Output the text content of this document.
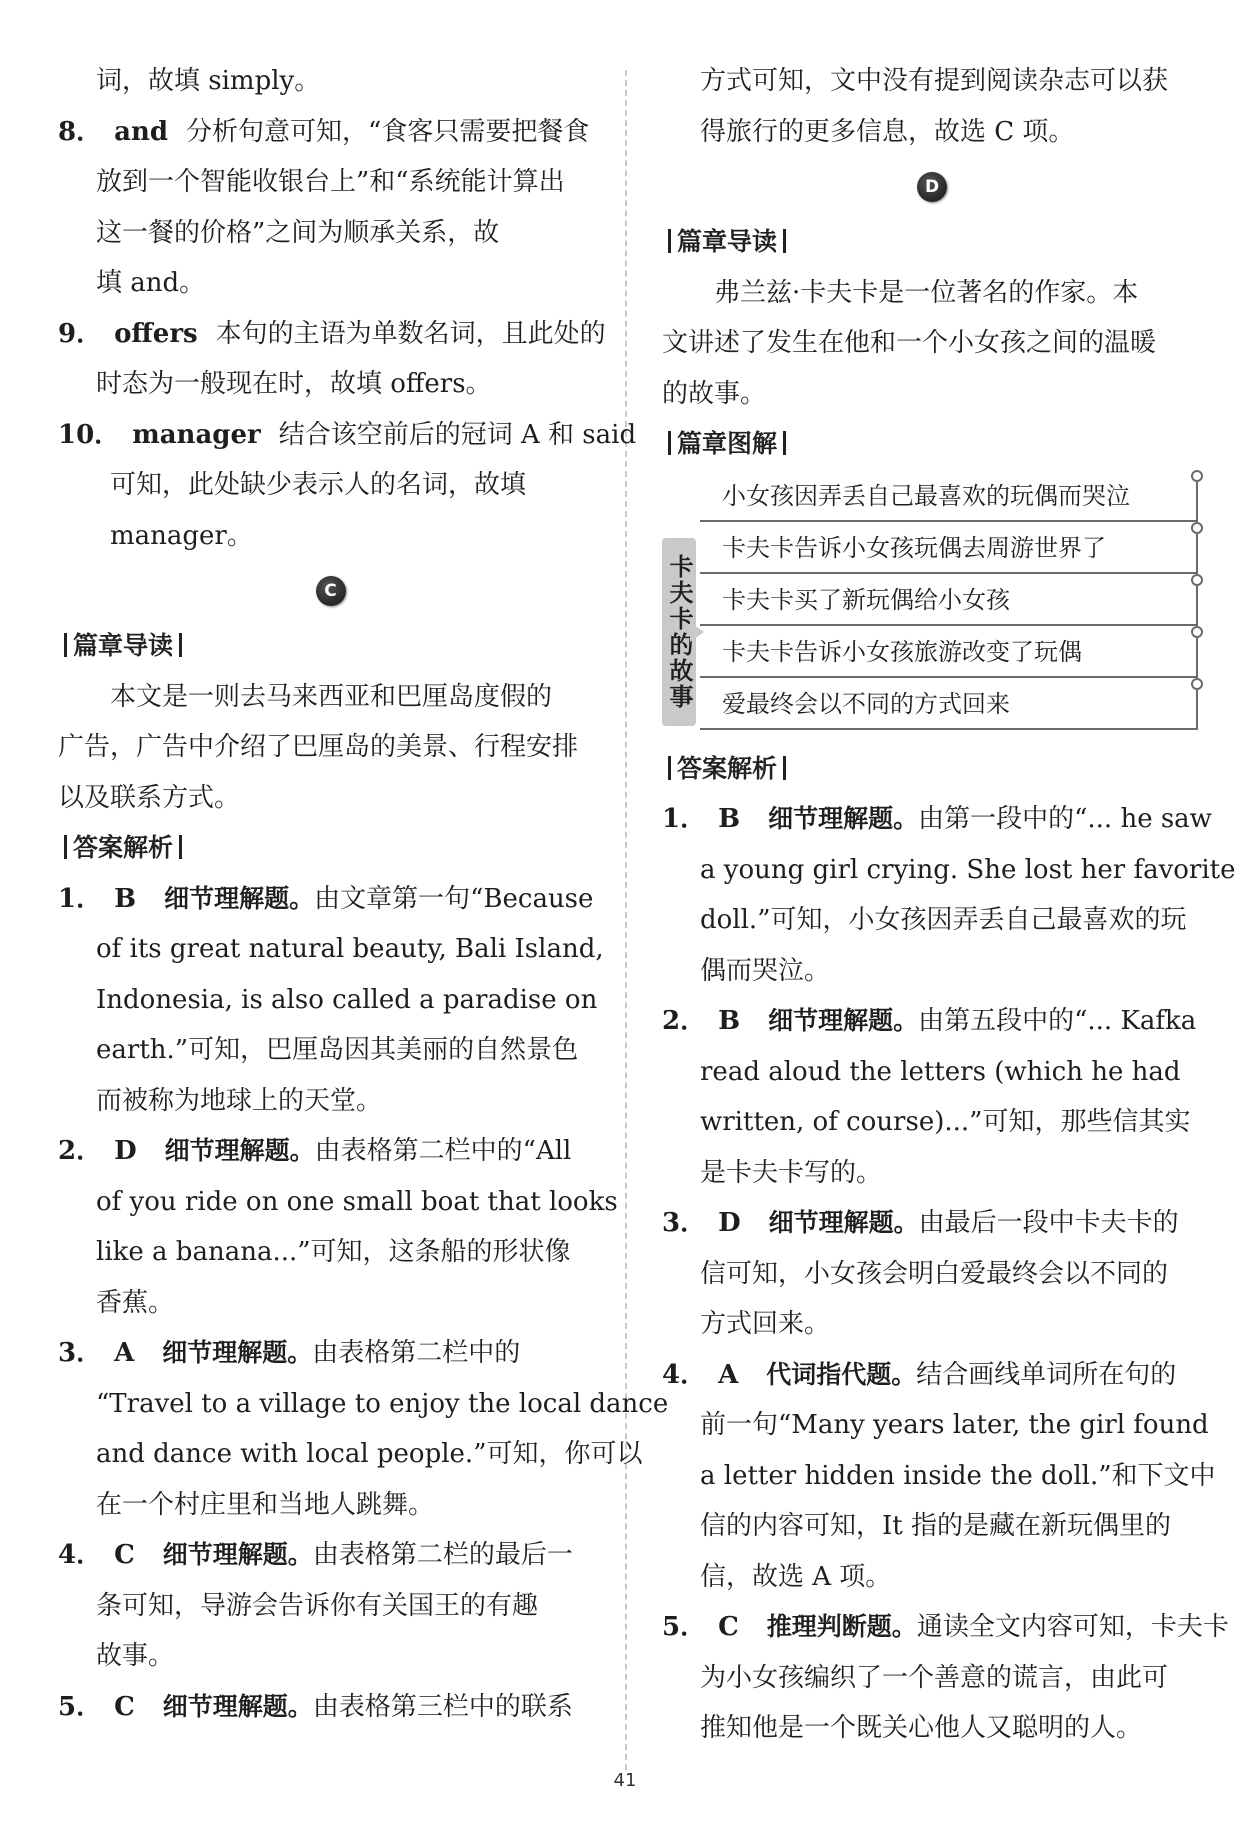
词，故填 simply。
8． and 分析句意可知，“食客只需要把餐食
放到一个智能收银台上”和“系统能计算出
这一餐的价格”之间为顺承关系，故
填 and。
9． offers 本句的主语为单数名词，且此处的
时态为一般现在时，故填 offers。
10． manager 结合该空前后的冠词 A 和 said
可知，此处缺少表示人的名词，故填
manager。
C
篇章导读
本文是一则去马来西亚和巴厘岛度假的
广告，广告中介绍了巴厘岛的美景、行程安排
以及联系方式。
答案解析
1． B 细节理解题。由文章第一句“Because
of its great natural beauty, Bali Island,
Indonesia, is also called a paradise on
earth.”可知，巴厘岛因其美丽的自然景色
而被称为地球上的天堂。
2． D 细节理解题。由表格第二栏中的“All
of you ride on one small boat that looks
like a banana...”可知，这条船的形状像
香蕉。
3． A 细节理解题。由表格第二栏中的
“Travel to a village to enjoy the local dance
and dance with local people.”可知，你可以
在一个村庄里和当地人跳舞。
4． C 细节理解题。由表格第二栏的最后一
条可知，导游会告诉你有关国王的有趣
故事。
5． C 细节理解题。由表格第三栏中的联系
方式可知，文中没有提到阅读杂志可以获
得旅行的更多信息，故选 C 项。
D
篇章导读
弗兰兹·卡夫卡是一位著名的作家。本
文讲述了发生在他和一个小女孩之间的温暖
的故事。
篇章图解
卡夫卡的故事
小女孩因弄丢自己最喜欢的玩偶而哭泣
卡夫卡告诉小女孩玩偶去周游世界了
卡夫卡买了新玩偶给小女孩
卡夫卡告诉小女孩旅游改变了玩偶
爱最终会以不同的方式回来
答案解析
1． B 细节理解题。由第一段中的“... he saw
a young girl crying. She lost her favorite
doll.”可知，小女孩因弄丢自己最喜欢的玩
偶而哭泣。
2． B 细节理解题。由第五段中的“... Kafka
read aloud the letters (which he had
written, of course)...”可知，那些信其实
是卡夫卡写的。
3． D 细节理解题。由最后一段中卡夫卡的
信可知，小女孩会明白爱最终会以不同的
方式回来。
4． A 代词指代题。结合画线单词所在句的
前一句“Many years later, the girl found
a letter hidden inside the doll.”和下文中
信的内容可知，It 指的是藏在新玩偶里的
信，故选 A 项。
5． C 推理判断题。通读全文内容可知，卡夫卡
为小女孩编织了一个善意的谎言，由此可
推知他是一个既关心他人又聪明的人。
41
